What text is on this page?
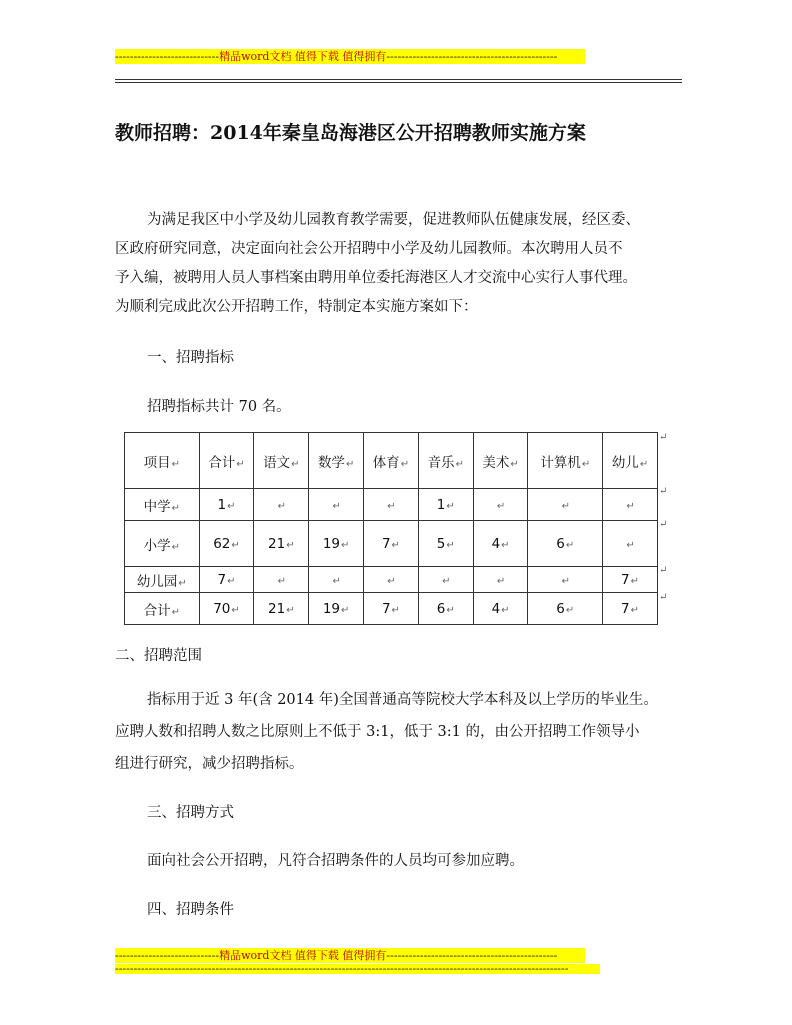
----------------------------精品word文档 值得下载 值得拥有----------------------------------------------
教师招聘：2014年秦皇岛海港区公开招聘教师实施方案
为满足我区中小学及幼儿园教育教学需要，促进教师队伍健康发展，经区委、
区政府研究同意，决定面向社会公开招聘中小学及幼儿园教师。本次聘用人员不
予入编，被聘用人员人事档案由聘用单位委托海港区人才交流中心实行人事代理。
为顺利完成此次公开招聘工作，特制定本实施方案如下：
一、招聘指标
招聘指标共计 70 名。
项目↵	合计↵	语文↵	数学↵	体育↵	音乐↵	美术↵	计算机↵	幼儿↵
中学↵	1↵	↵	↵	↵	1↵	↵	↵	↵
小学↵	62↵	21↵	19↵	7↵	5↵	4↵	6↵	↵
幼儿园↵	7↵	↵	↵	↵	↵	↵	↵	7↵
合计↵	70↵	21↵	19↵	7↵	6↵	4↵	6↵	7↵
↵
↵
↵
↵
↵
二、招聘范围
指标用于近 3 年(含 2014 年)全国普通高等院校大学本科及以上学历的毕业生。
应聘人数和招聘人数之比原则上不低于 3:1，低于 3:1 的，由公开招聘工作领导小
组进行研究，减少招聘指标。
三、招聘方式
面向社会公开招聘，凡符合招聘条件的人员均可参加应聘。
四、招聘条件
----------------------------精品word文档 值得下载 值得拥有----------------------------------------------
--------------------------------------------------------------------------------------------------------------------------
